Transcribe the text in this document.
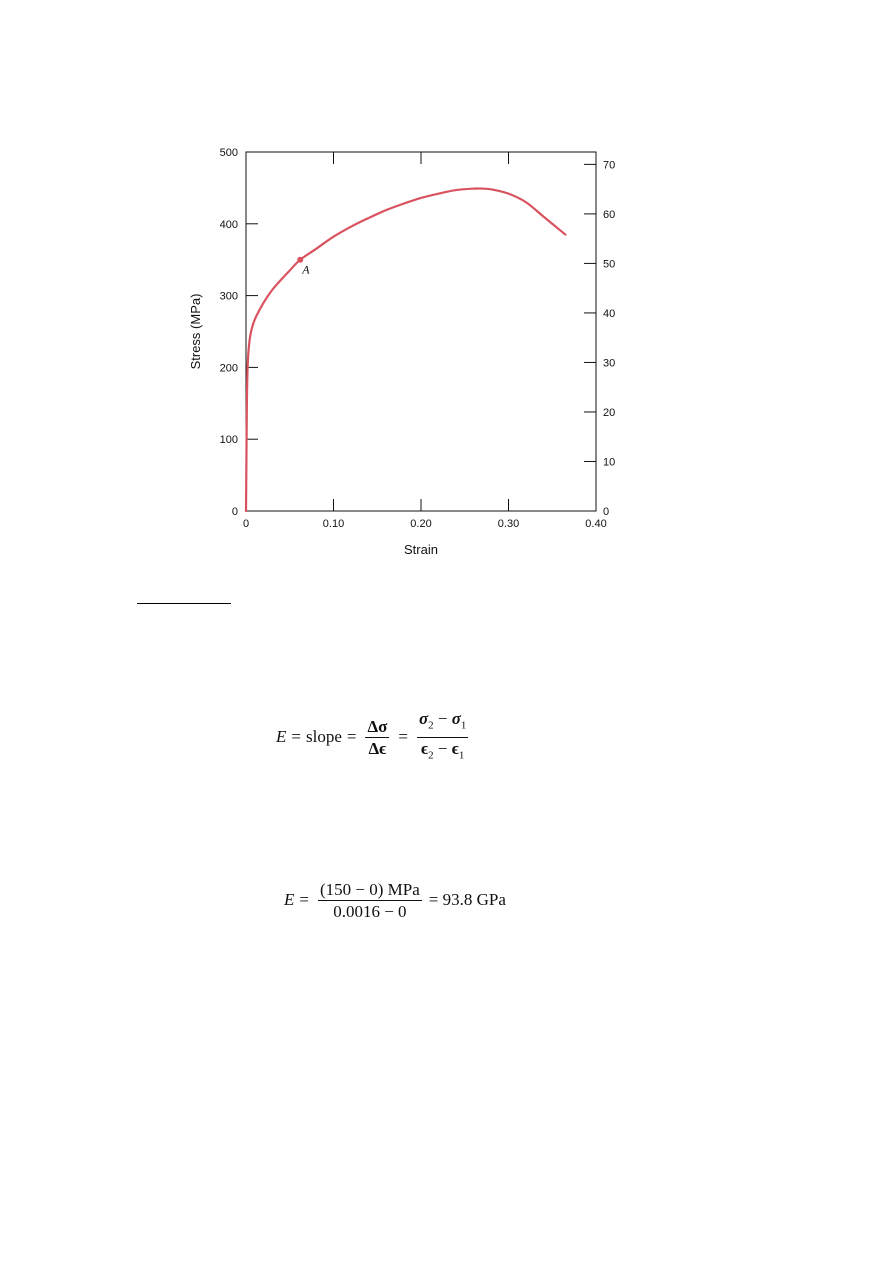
0	0.10	0.20	0.30	0.40
0
100
200
300
400
500
0
10
20
30
40
50
60
70
A
Strain
Stress (MPa)
E = slope = $\frac{\Delta\sigma}{\Delta\epsilon} = \frac{\sigma_2 - \sigma_1}{\epsilon_2 - \epsilon_1}$
$E = \frac{\text{(150 − 0) MPa}}{0.0016 - 0} = 93.8$ GPa
